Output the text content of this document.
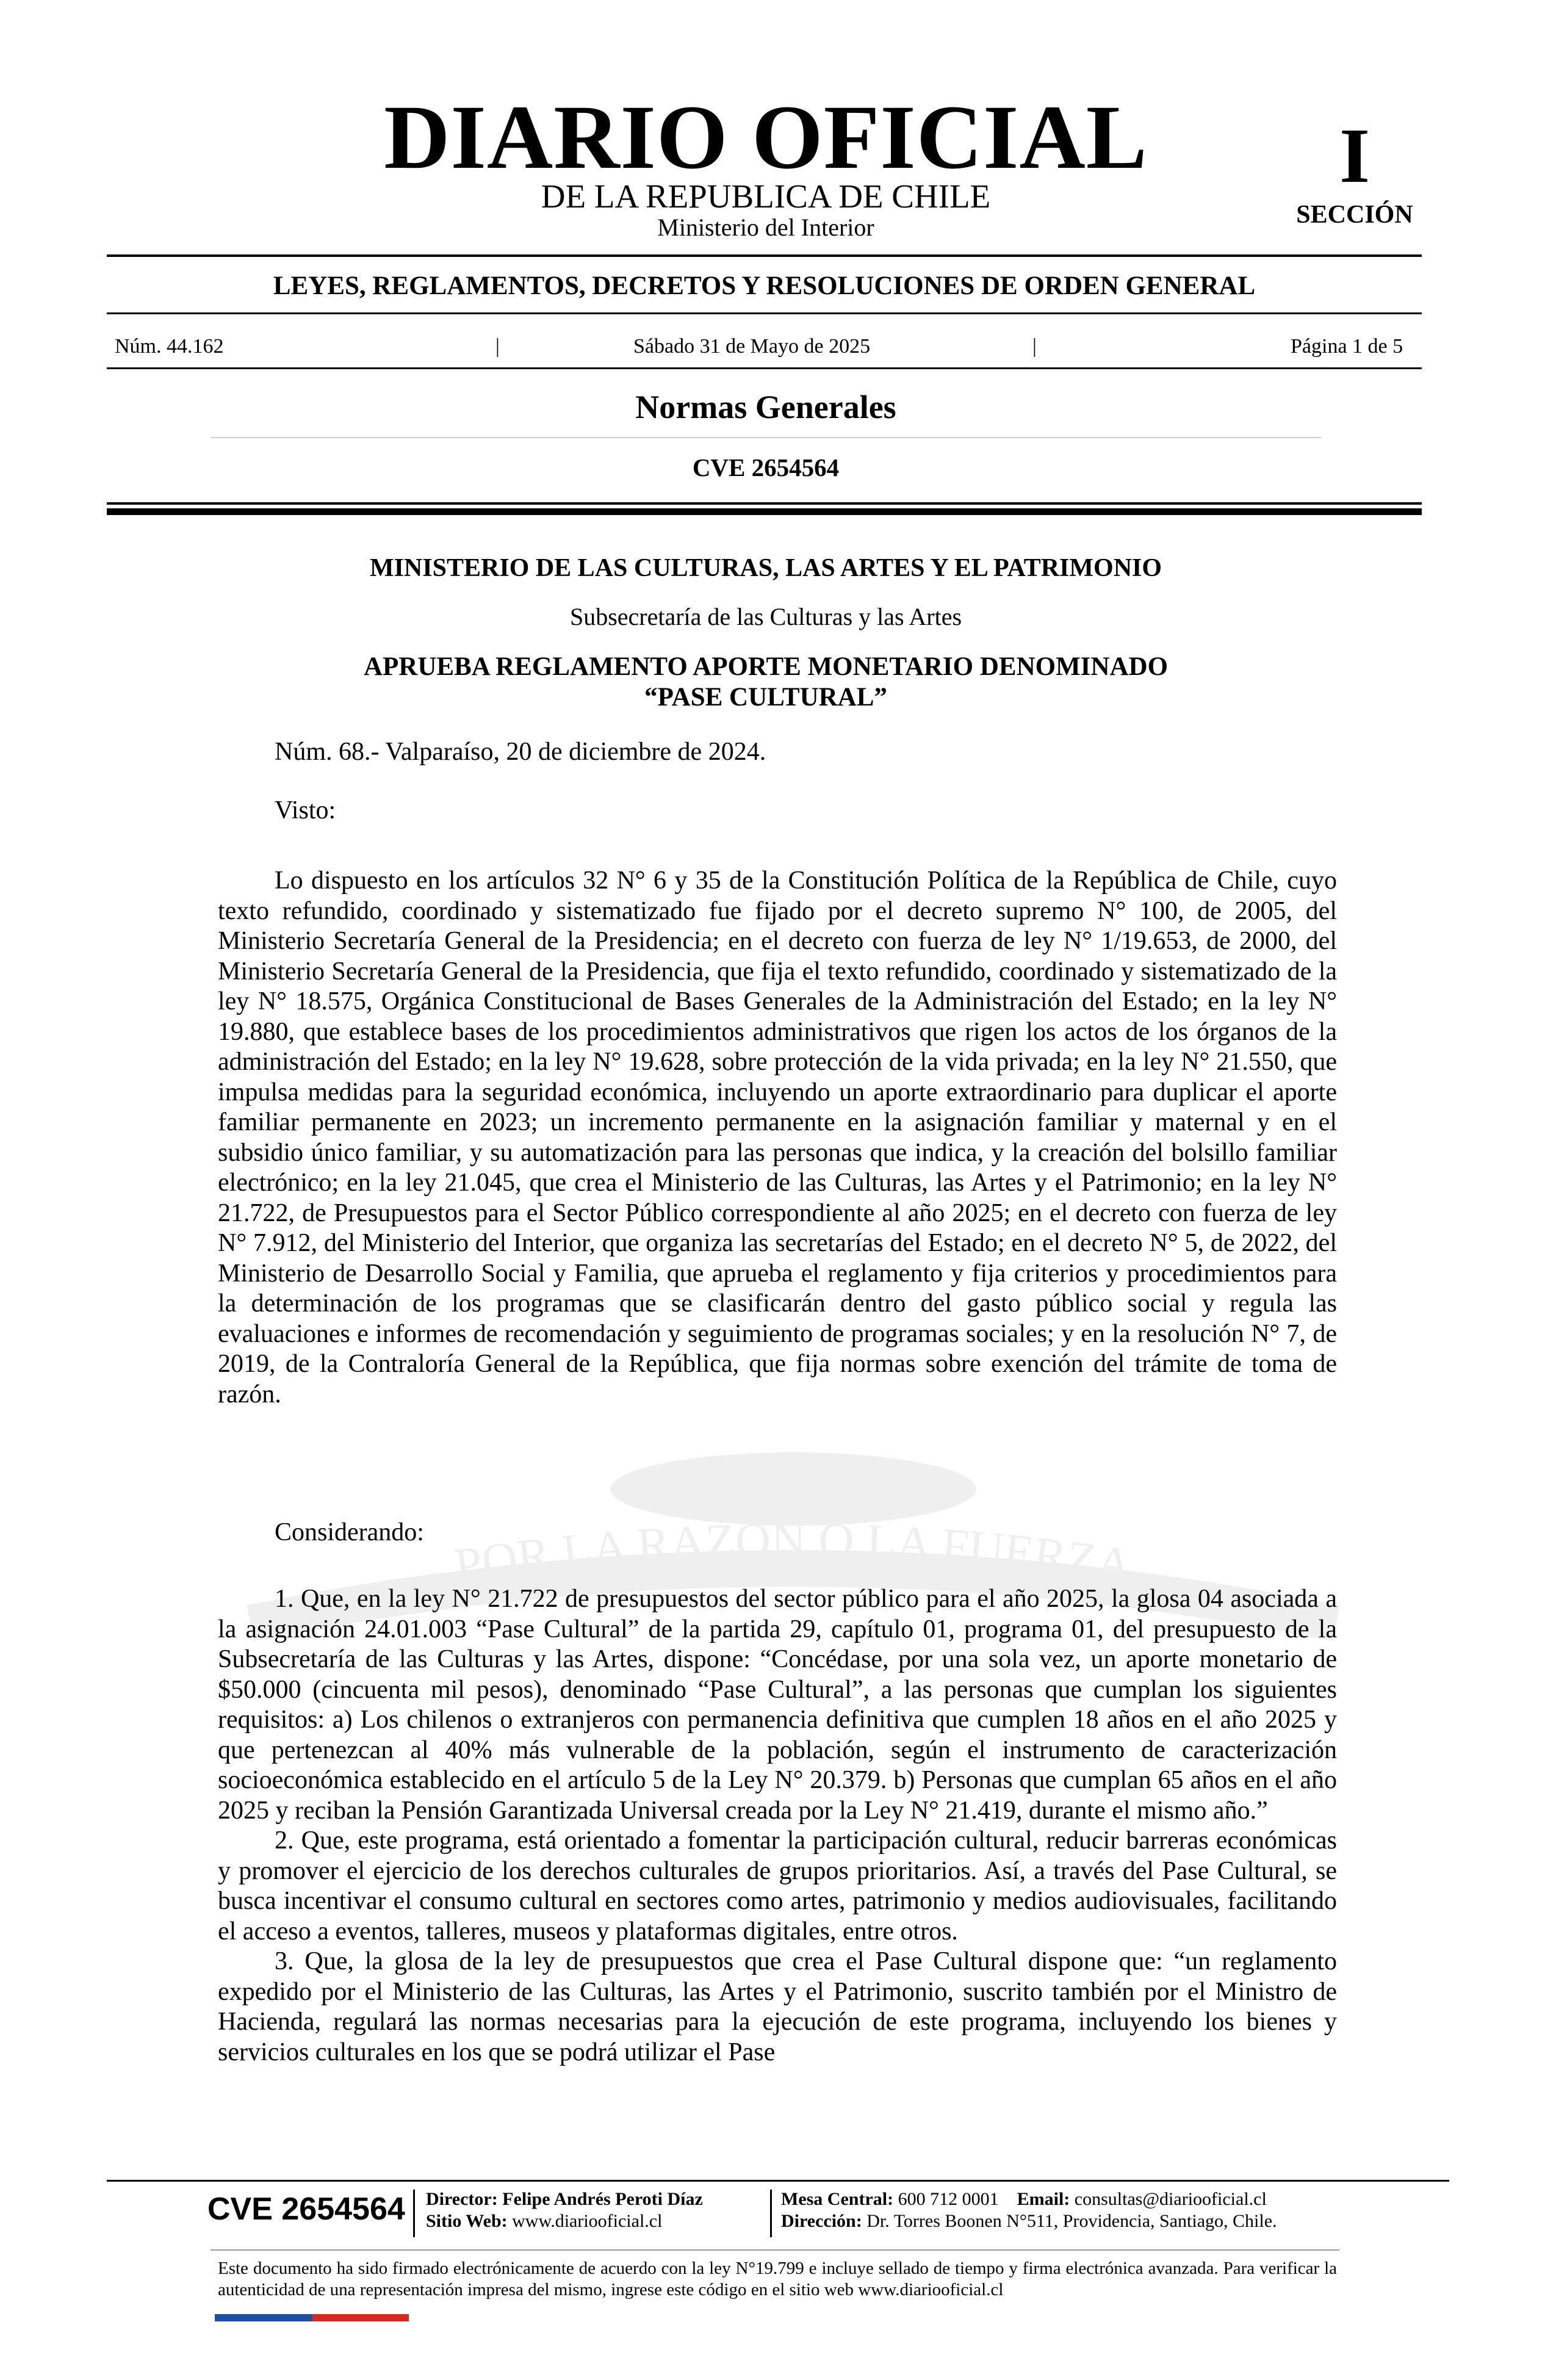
DIARIO OFICIAL
DE LA REPUBLICA DE CHILE
Ministerio del Interior
I
SECCIÓN
LEYES, REGLAMENTOS, DECRETOS Y RESOLUCIONES DE ORDEN GENERAL
Núm. 44.162	|	Sábado 31 de Mayo de 2025	|	Página 1 de 5
Normas Generales
CVE 2654564
POR LA RAZON O LA FUERZA
MINISTERIO DE LAS CULTURAS, LAS ARTES Y EL PATRIMONIO
Subsecretaría de las Culturas y las Artes
APRUEBA REGLAMENTO APORTE MONETARIO DENOMINADO
“PASE CULTURAL”
Núm. 68.- Valparaíso, 20 de diciembre de 2024.
Visto:
Lo dispuesto en los artículos 32 N° 6 y 35 de la Constitución Política de la República de Chile, cuyo texto refundido, coordinado y sistematizado fue fijado por el decreto supremo N° 100, de 2005, del Ministerio Secretaría General de la Presidencia; en el decreto con fuerza de ley N° 1/19.653, de 2000, del Ministerio Secretaría General de la Presidencia, que fija el texto refundido, coordinado y sistematizado de la ley N° 18.575, Orgánica Constitucional de Bases Generales de la Administración del Estado; en la ley N° 19.880, que establece bases de los procedimientos administrativos que rigen los actos de los órganos de la administración del Estado; en la ley N° 19.628, sobre protección de la vida privada; en la ley N° 21.550, que impulsa medidas para la seguridad económica, incluyendo un aporte extraordinario para duplicar el aporte familiar permanente en 2023; un incremento permanente en la asignación familiar y maternal y en el subsidio único familiar, y su automatización para las personas que indica, y la creación del bolsillo familiar electrónico; en la ley 21.045, que crea el Ministerio de las Culturas, las Artes y el Patrimonio; en la ley N° 21.722, de Presupuestos para el Sector Público correspondiente al año 2025; en el decreto con fuerza de ley N° 7.912, del Ministerio del Interior, que organiza las secretarías del Estado; en el decreto N° 5, de 2022, del Ministerio de Desarrollo Social y Familia, que aprueba el reglamento y fija criterios y procedimientos para la determinación de los programas que se clasificarán dentro del gasto público social y regula las evaluaciones e informes de recomendación y seguimiento de programas sociales; y en la resolución N° 7, de 2019, de la Contraloría General de la República, que fija normas sobre exención del trámite de toma de razón.
Considerando:

1. Que, en la ley N° 21.722 de presupuestos del sector público para el año 2025, la glosa 04 asociada a la asignación 24.01.003 “Pase Cultural” de la partida 29, capítulo 01, programa 01, del presupuesto de la Subsecretaría de las Culturas y las Artes, dispone: “Concédase, por una sola vez, un aporte monetario de $50.000 (cincuenta mil pesos), denominado “Pase Cultural”, a las personas que cumplan los siguientes requisitos: a) Los chilenos o extranjeros con permanencia definitiva que cumplen 18 años en el año 2025 y que pertenezcan al 40% más vulnerable de la población, según el instrumento de caracterización socioeconómica establecido en el artículo 5 de la Ley N° 20.379. b) Personas que cumplan 65 años en el año 2025 y reciban la Pensión Garantizada Universal creada por la Ley N° 21.419, durante el mismo año.”

2. Que, este programa, está orientado a fomentar la participación cultural, reducir barreras económicas y promover el ejercicio de los derechos culturales de grupos prioritarios. Así, a través del Pase Cultural, se busca incentivar el consumo cultural en sectores como artes, patrimonio y medios audiovisuales, facilitando el acceso a eventos, talleres, museos y plataformas digitales, entre otros.

3. Que, la glosa de la ley de presupuestos que crea el Pase Cultural dispone que: “un reglamento expedido por el Ministerio de las Culturas, las Artes y el Patrimonio, suscrito también por el Ministro de Hacienda, regulará las normas necesarias para la ejecución de este programa, incluyendo los bienes y servicios culturales en los que se podrá utilizar el Pase

CVE 2654564 Director: Felipe Andrés Peroti Díaz
Sitio Web: www.diariooficial.cl
Mesa Central: 600 712 0001 Email: consultas@diariooficial.cl
Dirección: Dr. Torres Boonen N°511, Providencia, Santiago, Chile.
Este documento ha sido firmado electrónicamente de acuerdo con la ley N°19.799 e incluye sellado de tiempo y firma electrónica avanzada. Para verificar la autenticidad de una representación impresa del mismo, ingrese este código en el sitio web www.diariooficial.cl
